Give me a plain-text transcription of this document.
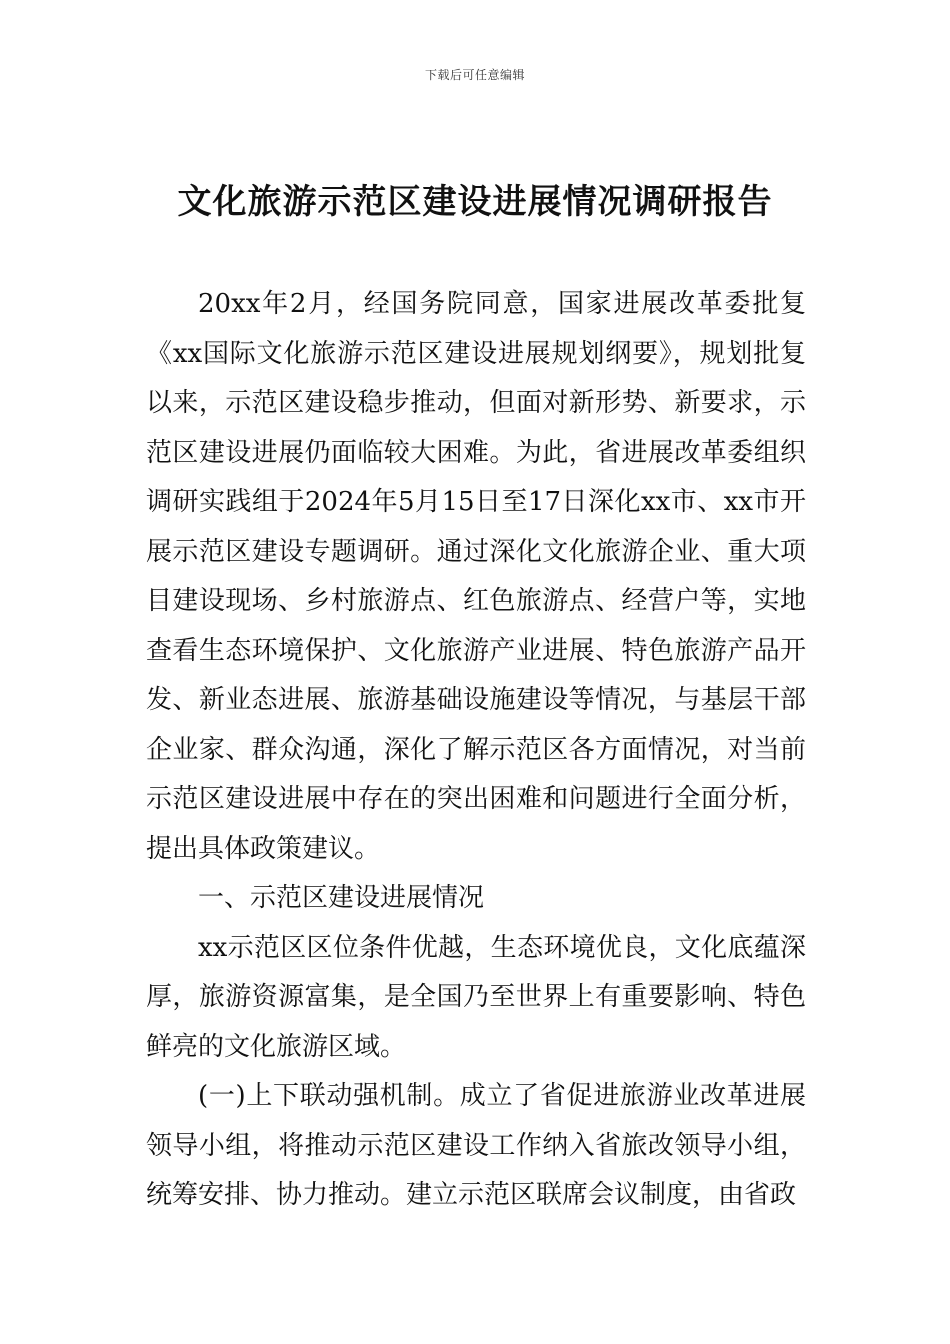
下载后可任意编辑
文化旅游示范区建设进展情况调研报告

20xx年2月，经国务院同意，国家进展改革委批复《xx国际文化旅游示范区建设进展规划纲要》，规划批复以来，示范区建设稳步推动，但面对新形势、新要求，示范区建设进展仍面临较大困难。为此，省进展改革委组织调研实践组于2024年5月15日至17日深化xx市、xx市开展示范区建设专题调研。通过深化文化旅游企业、重大项目建设现场、乡村旅游点、红色旅游点、经营户等，实地查看生态环境保护、文化旅游产业进展、特色旅游产品开发、新业态进展、旅游基础设施建设等情况，与基层干部企业家、群众沟通，深化了解示范区各方面情况，对当前示范区建设进展中存在的突出困难和问题进行全面分析，提出具体政策建议。

一、示范区建设进展情况

xx示范区区位条件优越，生态环境优良，文化底蕴深厚，旅游资源富集，是全国乃至世界上有重要影响、特色鲜亮的文化旅游区域。

(一)上下联动强机制。成立了省促进旅游业改革进展领导小组，将推动示范区建设工作纳入省旅改领导小组，统筹安排、协力推动。建立示范区联席会议制度，由省政
